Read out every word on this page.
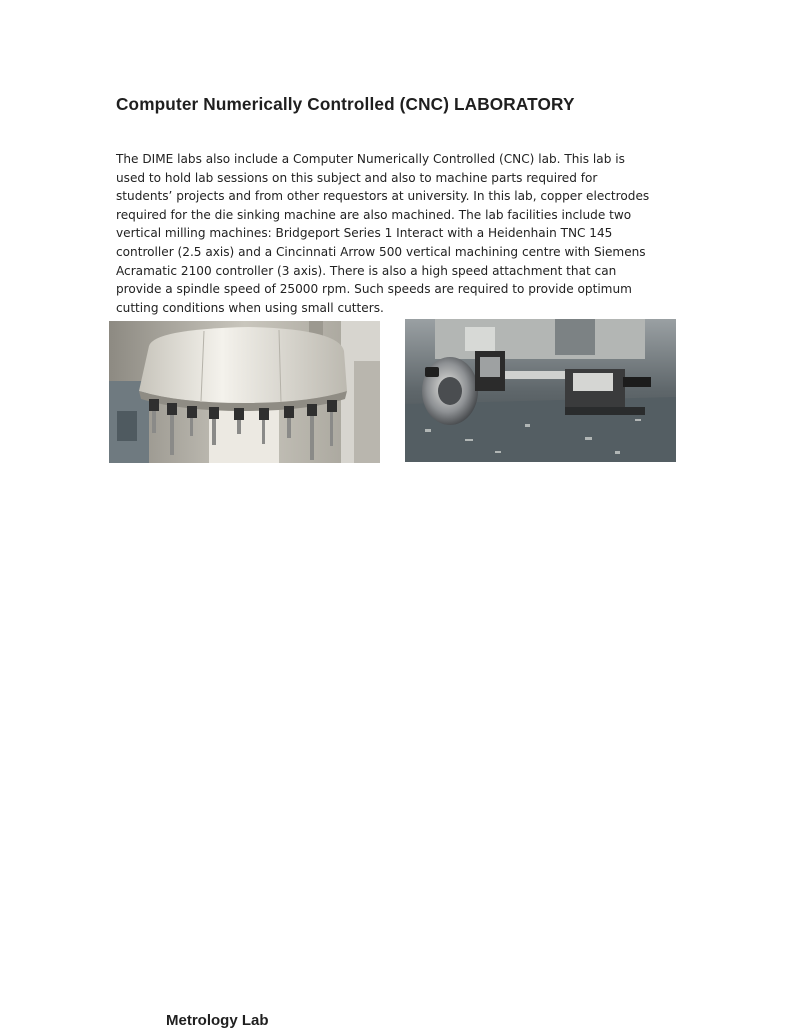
Computer Numerically Controlled (CNC) LABORATORY

The DIME labs also include a Computer Numerically Controlled (CNC) lab. This lab is used to hold lab sessions on this subject and also to machine parts required for students’ projects and from other requestors at university. In this lab, copper electrodes required for the die sinking machine are also machined. The lab facilities include two vertical milling machines: Bridgeport Series 1 Interact with a Heidenhain TNC 145 controller (2.5 axis) and a Cincinnati Arrow 500 vertical machining centre with Siemens Acramatic 2100 controller (3 axis). There is also a high speed attachment that can provide a spindle speed of 25000 rpm. Such speeds are required to provide optimum cutting conditions when using small cutters.

Metrology Lab
